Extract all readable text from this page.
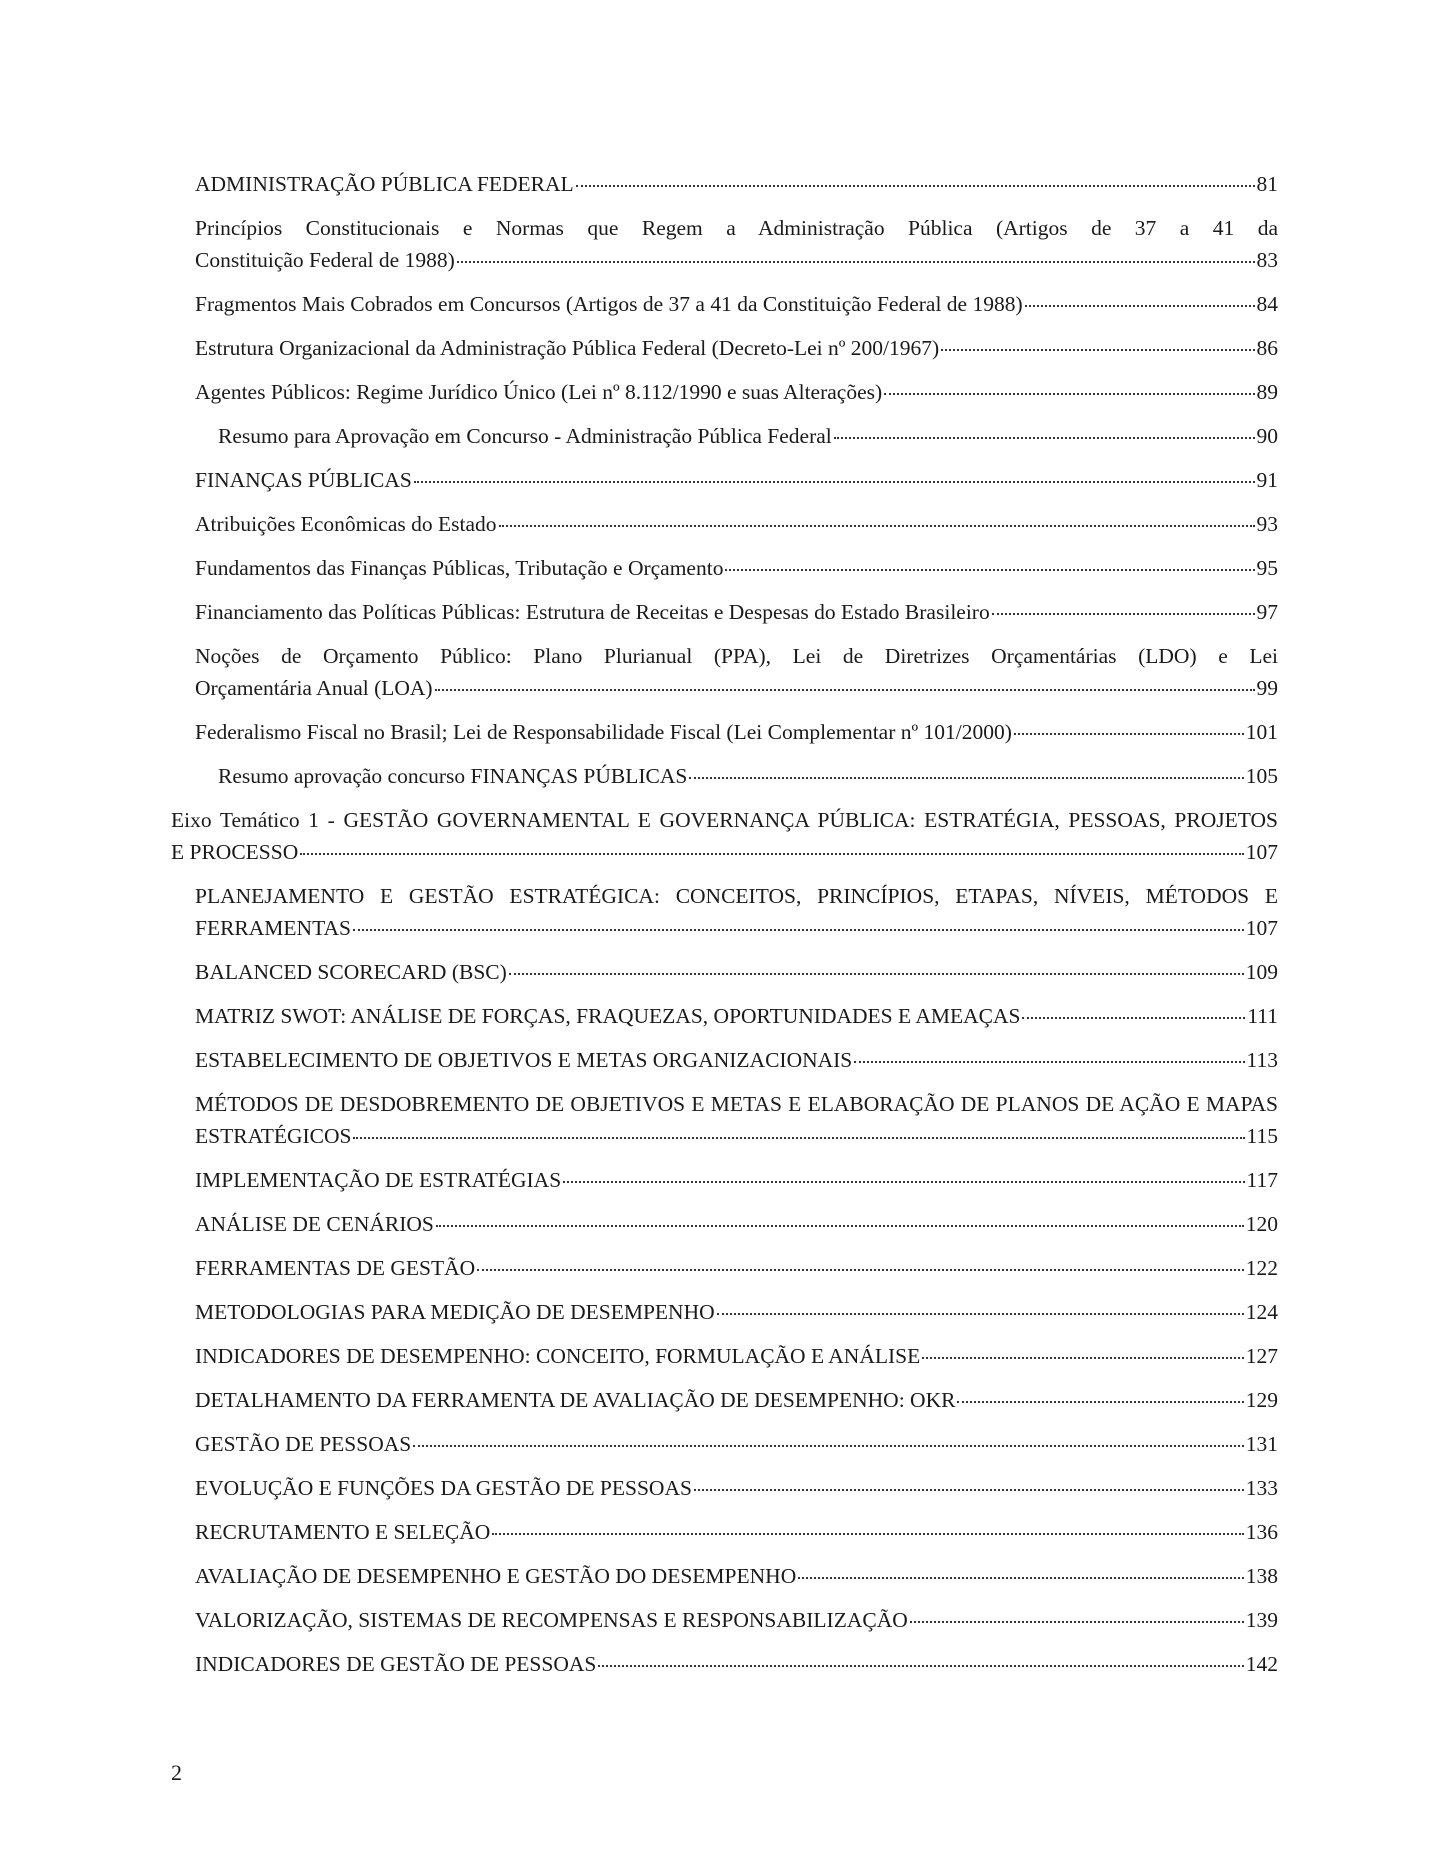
ADMINISTRAÇÃO PÚBLICA FEDERAL	81
Princípios Constitucionais e Normas que Regem a Administração Pública (Artigos de 37 a 41 da
Constituição Federal de 1988)	83
Fragmentos Mais Cobrados em Concursos (Artigos de 37 a 41 da Constituição Federal de 1988)	84
Estrutura Organizacional da Administração Pública Federal (Decreto-Lei nº 200/1967)	86
Agentes Públicos: Regime Jurídico Único (Lei nº 8.112/1990 e suas Alterações)	89
Resumo para Aprovação em Concurso - Administração Pública Federal	90
FINANÇAS PÚBLICAS	91
Atribuições Econômicas do Estado	93
Fundamentos das Finanças Públicas, Tributação e Orçamento	95
Financiamento das Políticas Públicas: Estrutura de Receitas e Despesas do Estado Brasileiro	97
Noções de Orçamento Público: Plano Plurianual (PPA), Lei de Diretrizes Orçamentárias (LDO) e Lei
Orçamentária Anual (LOA)	99
Federalismo Fiscal no Brasil; Lei de Responsabilidade Fiscal (Lei Complementar nº 101/2000)	101
Resumo aprovação concurso FINANÇAS PÚBLICAS	105
Eixo Temático 1 - GESTÃO GOVERNAMENTAL E GOVERNANÇA PÚBLICA: ESTRATÉGIA, PESSOAS, PROJETOS
E PROCESSO	107
PLANEJAMENTO E GESTÃO ESTRATÉGICA: CONCEITOS, PRINCÍPIOS, ETAPAS, NÍVEIS, MÉTODOS E
FERRAMENTAS	107
BALANCED SCORECARD (BSC)	109
MATRIZ SWOT: ANÁLISE DE FORÇAS, FRAQUEZAS, OPORTUNIDADES E AMEAÇAS	111
ESTABELECIMENTO DE OBJETIVOS E METAS ORGANIZACIONAIS	113
MÉTODOS DE DESDOBREMENTO DE OBJETIVOS E METAS E ELABORAÇÃO DE PLANOS DE AÇÃO E MAPAS
ESTRATÉGICOS	115
IMPLEMENTAÇÃO DE ESTRATÉGIAS	117
ANÁLISE DE CENÁRIOS	120
FERRAMENTAS DE GESTÃO	122
METODOLOGIAS PARA MEDIÇÃO DE DESEMPENHO	124
INDICADORES DE DESEMPENHO: CONCEITO, FORMULAÇÃO E ANÁLISE	127
DETALHAMENTO DA FERRAMENTA DE AVALIAÇÃO DE DESEMPENHO: OKR	129
GESTÃO DE PESSOAS	131
EVOLUÇÃO E FUNÇÕES DA GESTÃO DE PESSOAS	133
RECRUTAMENTO E SELEÇÃO	136
AVALIAÇÃO DE DESEMPENHO E GESTÃO DO DESEMPENHO	138
VALORIZAÇÃO, SISTEMAS DE RECOMPENSAS E RESPONSABILIZAÇÃO	139
INDICADORES DE GESTÃO DE PESSOAS	142
2
